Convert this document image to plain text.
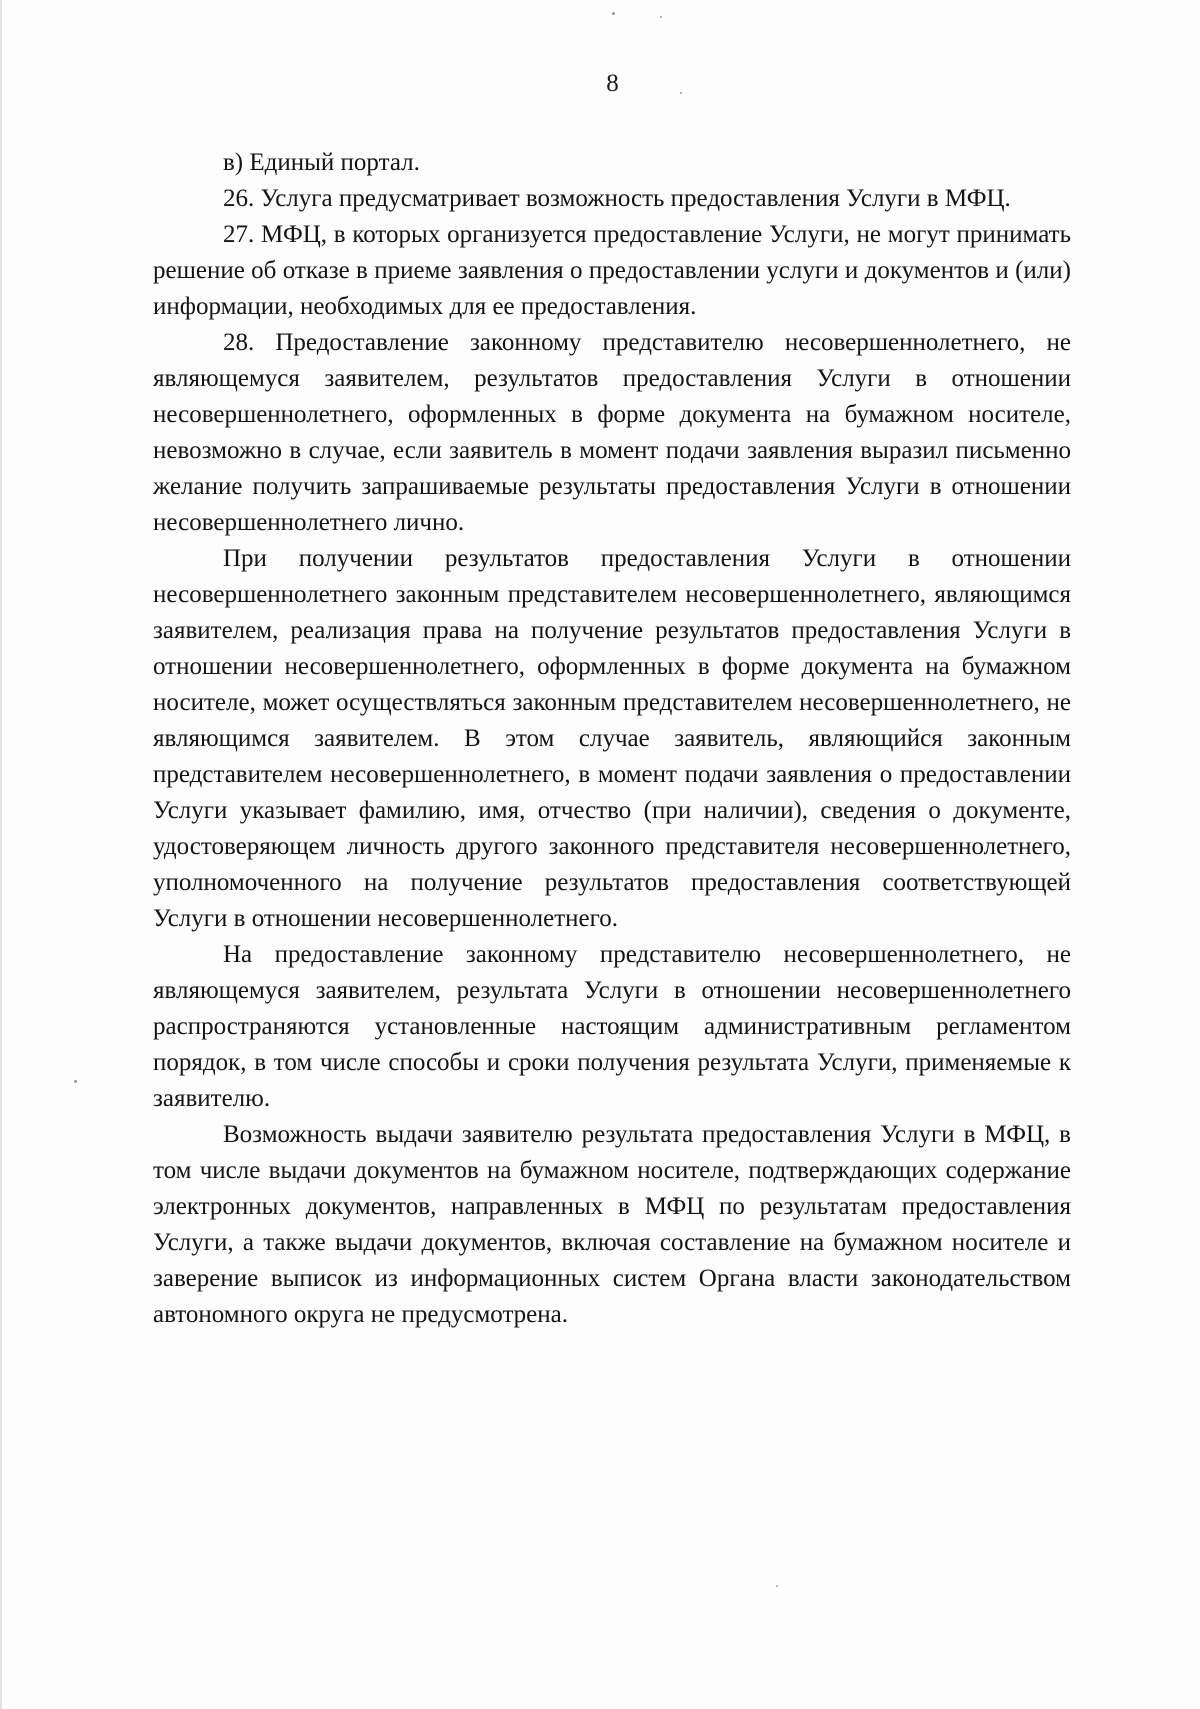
8

в) Единый портал.

26. Услуга предусматривает возможность предоставления Услуги в МФЦ.

27. МФЦ, в которых организуется предоставление Услуги, не могут принимать решение об отказе в приеме заявления о предоставлении услуги и документов и (или) информации, необходимых для ее предоставления.

28. Предоставление законному представителю несовершеннолетнего, не являющемуся заявителем, результатов предоставления Услуги в отношении несовершеннолетнего, оформленных в форме документа на бумажном носителе, невозможно в случае, если заявитель в момент подачи заявления выразил письменно желание получить запрашиваемые результаты предоставления Услуги в отношении несовершеннолетнего лично.

При получении результатов предоставления Услуги в отношении несовершеннолетнего законным представителем несовершеннолетнего, являющимся заявителем, реализация права на получение результатов предоставления Услуги в отношении несовершеннолетнего, оформленных в форме документа на бумажном носителе, может осуществляться законным представителем несовершеннолетнего, не являющимся заявителем. В этом случае заявитель, являющийся законным представителем несовершеннолетнего, в момент подачи заявления о предоставлении Услуги указывает фамилию, имя, отчество (при наличии), сведения о документе, удостоверяющем личность другого законного представителя несовершеннолетнего, уполномоченного на получение результатов предоставления соответствующей Услуги в отношении несовершеннолетнего.

На предоставление законному представителю несовершеннолетнего, не являющемуся заявителем, результата Услуги в отношении несовершеннолетнего распространяются установленные настоящим административным регламентом порядок, в том числе способы и сроки получения результата Услуги, применяемые к заявителю.

Возможность выдачи заявителю результата предоставления Услуги в МФЦ, в том числе выдачи документов на бумажном носителе, подтверждающих содержание электронных документов, направленных в МФЦ по результатам предоставления Услуги, а также выдачи документов, включая составление на бумажном носителе и заверение выписок из информационных систем Органа власти законодательством автономного округа не предусмотрена.
